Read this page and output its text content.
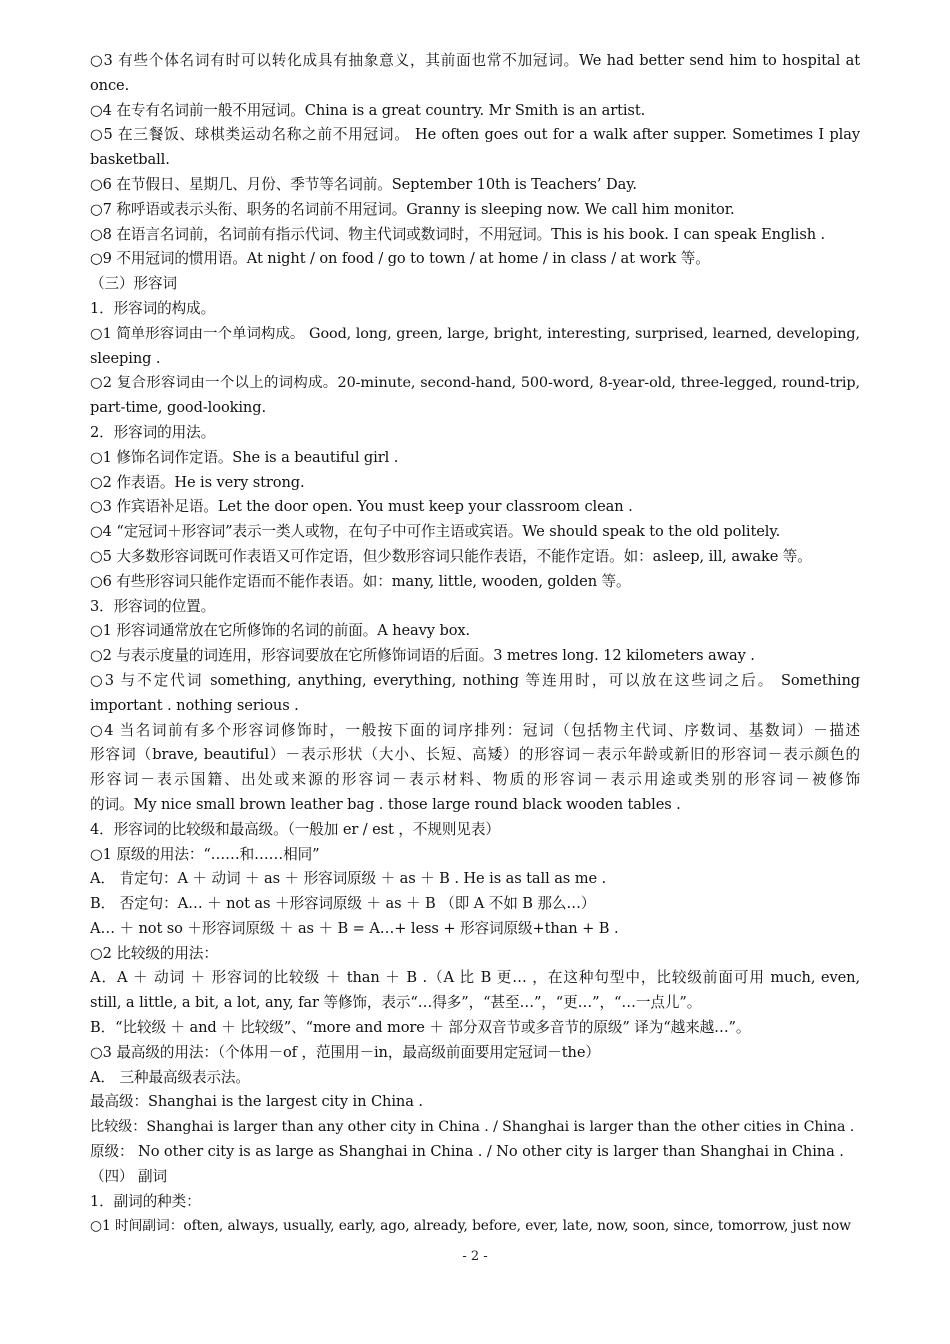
○3 有些个体名词有时可以转化成具有抽象意义，其前面也常不加冠词。We had better send him to hospital at
once.
○4 在专有名词前一般不用冠词。China is a great country. Mr Smith is an artist.
○5 在三餐饭、球棋类运动名称之前不用冠词。 He often goes out for a walk after supper. Sometimes I play
basketball.
○6 在节假日、星期几、月份、季节等名词前。September 10th is Teachers’ Day.
○7 称呼语或表示头衔、职务的名词前不用冠词。Granny is sleeping now. We call him monitor.
○8 在语言名词前，名词前有指示代词、物主代词或数词时，不用冠词。This is his book. I can speak English .
○9 不用冠词的惯用语。At night / on food / go to town / at home / in class / at work 等。
（三）形容词
1．形容词的构成。
○1 简单形容词由一个单词构成。 Good, long, green, large, bright, interesting, surprised, learned, developing,
sleeping .
○2 复合形容词由一个以上的词构成。20-minute, second-hand, 500-word, 8-year-old, three-legged, round-trip,
part-time, good-looking.
2．形容词的用法。
○1 修饰名词作定语。She is a beautiful girl .
○2 作表语。He is very strong.
○3 作宾语补足语。Let the door open. You must keep your classroom clean .
○4 “定冠词＋形容词”表示一类人或物，在句子中可作主语或宾语。We should speak to the old politely.
○5 大多数形容词既可作表语又可作定语，但少数形容词只能作表语，不能作定语。如：asleep, ill, awake 等。
○6 有些形容词只能作定语而不能作表语。如：many, little, wooden, golden 等。
3．形容词的位置。
○1 形容词通常放在它所修饰的名词的前面。A heavy box.
○2 与表示度量的词连用，形容词要放在它所修饰词语的后面。3 metres long. 12 kilometers away .
○3 与不定代词 something, anything, everything, nothing 等连用时，可以放在这些词之后。 Something
important . nothing serious .
○4 当名词前有多个形容词修饰时，一般按下面的词序排列：冠词（包括物主代词、序数词、基数词）－描述
形容词（brave, beautiful）－表示形状（大小、长短、高矮）的形容词－表示年龄或新旧的形容词－表示颜色的
形容词－表示国籍、出处或来源的形容词－表示材料、物质的形容词－表示用途或类别的形容词－被修饰
的词。My nice small brown leather bag . those large round black wooden tables .
4．形容词的比较级和最高级。（一般加 er / est ，不规则见表）
○1 原级的用法：“……和……相同”
A． 肯定句：A ＋ 动词 ＋ as ＋ 形容词原级 ＋ as ＋ B . He is as tall as me .
B． 否定句：A… ＋ not as ＋形容词原级 ＋ as ＋ B （即 A 不如 B 那么…）
A… ＋ not so ＋形容词原级 ＋ as ＋ B = A…+ less + 形容词原级+than + B .
○2 比较级的用法：
A．A ＋ 动词 ＋ 形容词的比较级 ＋ than ＋ B .（A 比 B 更… ，在这种句型中，比较级前面可用 much, even,
still, a little, a bit, a lot, any, far 等修饰，表示“…得多”，“甚至…”，“更…”，“…一点儿”。
B．“比较级 ＋ and ＋ 比较级”、“more and more ＋ 部分双音节或多音节的原级” 译为“越来越…”。
○3 最高级的用法：（个体用－of ，范围用－in，最高级前面要用定冠词－the）
A． 三种最高级表示法。
最高级：Shanghai is the largest city in China .
比较级：Shanghai is larger than any other city in China . / Shanghai is larger than the other cities in China .
原级： No other city is as large as Shanghai in China . / No other city is larger than Shanghai in China .
（四） 副词
1．副词的种类：
○1 时间副词：often, always, usually, early, ago, already, before, ever, late, now, soon, since, tomorrow, just now
- 2 -
